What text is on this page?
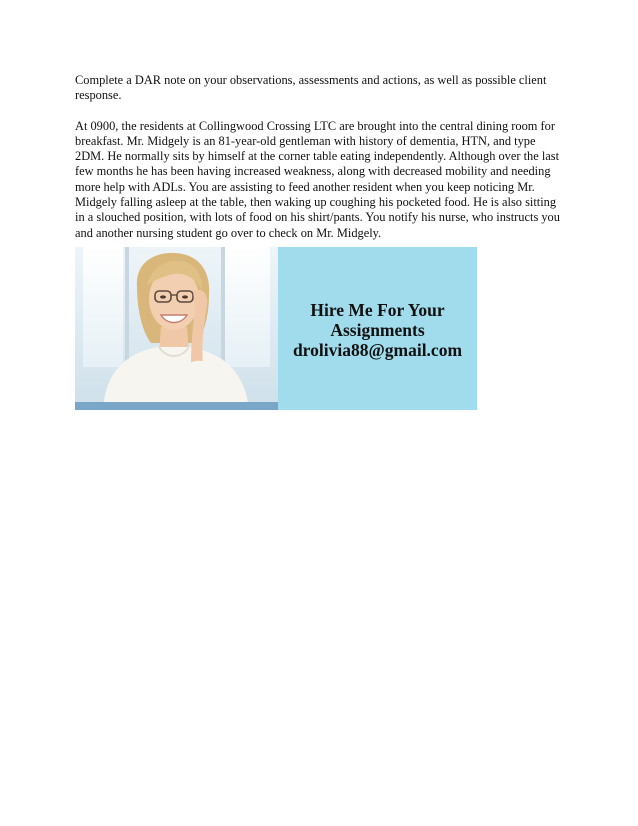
Complete a DAR note on your observations, assessments and actions, as well as possible client response.

At 0900, the residents at Collingwood Crossing LTC are brought into the central dining room for breakfast. Mr. Midgely is an 81-year-old gentleman with history of dementia, HTN, and type 2DM. He normally sits by himself at the corner table eating independently. Although over the last few months he has been having increased weakness, along with decreased mobility and needing more help with ADLs. You are assisting to feed another resident when you keep noticing Mr. Midgely falling asleep at the table, then waking up coughing his pocketed food. He is also sitting in a slouched position, with lots of food on his shirt/pants. You notify his nurse, who instructs you and another nursing student go over to check on Mr. Midgely.

Hire Me For Your
Assignments
drolivia88@gmail.com
